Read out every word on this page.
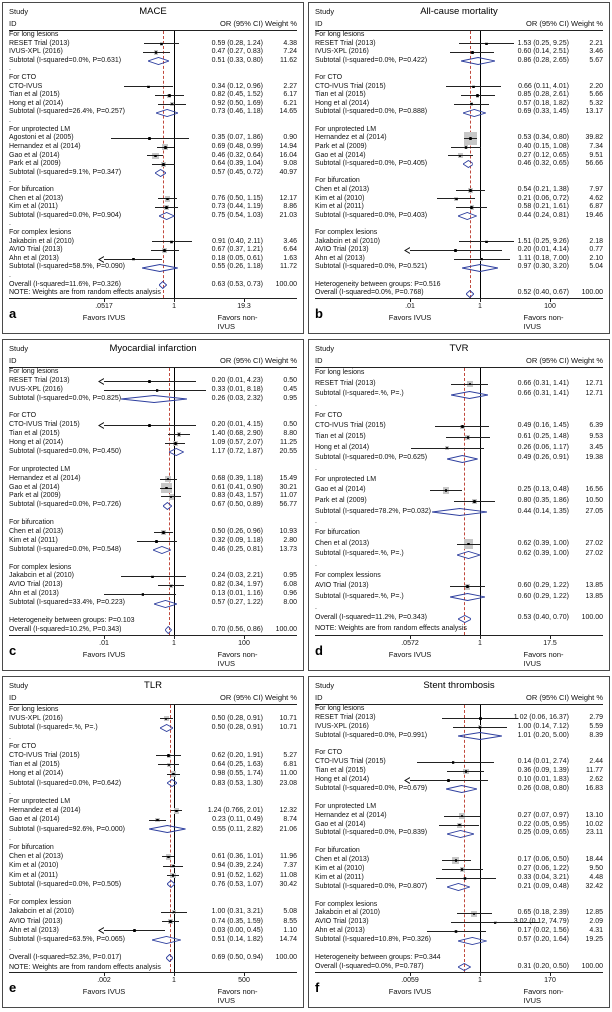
Study	MACE
ID	OR (95% CI) Weight %
For long lesions
RESET Trial (2013)	0.59 (0.28, 1.24)	4.38
IVUS-XPL (2016)	0.47 (0.27, 0.83)	7.24
Subtotal (I-squared=0.0%, P=0.631)	0.51 (0.33, 0.80)	11.62
.
For CTO
CTO-IVUS	0.34 (0.12, 0.96)	2.27
Tian et al (2015)	0.82 (0.45, 1.52)	6.17
Hong et al (2014)	0.92 (0.50, 1.69)	6.21
Subtotal (I-squared=26.4%, P=0.257)	0.73 (0.46, 1.18)	14.65
.
For unprotected LM
Agostoni et al (2005)	0.35 (0.07, 1.86)	0.90
Hernandez et al (2014)	0.69 (0.48, 0.99)	14.94
Gao et al (2014)	0.46 (0.32, 0.64)	16.04
Park et al (2009)	0.64 (0.39, 1.04)	9.08
Subtotal (I-squared=9.1%, P=0.347)	0.57 (0.45, 0.72)	40.97
.
For bifurcation
Chen et al (2013)	0.76 (0.50, 1.15)	12.17
Kim et al (2011)	0.73 (0.44, 1.19)	8.86
Subtotal (I-squared=0.0%, P=0.904)	0.75 (0.54, 1.03)	21.03
.
For complex lesions
Jakabcin et al (2010)	0.91 (0.40, 2.11)	3.46
AVIO Trial (2013)	0.67 (0.37, 1.21)	6.64
Ahn et al (2013)	0.18 (0.05, 0.61)	1.63
Subtotal (I-squared=58.5%, P=0.090)	0.55 (0.26, 1.18)	11.72
.
Overall (I-squared=11.6%, P=0.326)	0.63 (0.53, 0.73)	100.00
NOTE: Weights are from random effects analysis
.0517	1	19.3
Favors IVUS	Favors non-IVUS
a
Study	All-cause mortality
ID	OR (95% CI) Weight %
For long lesions
RESET Trial (2013)	1.53 (0.25, 9.25)	2.21
IVUS-XPL (2016)	0.60 (0.14, 2.51)	3.46
Subtotal (I-squared=0.0%, P=0.422)	0.86 (0.28, 2.65)	5.67
For CTO
CTO-IVUS Trial (2015)	0.66 (0.11, 4.01)	2.20
Tian et al (2015)	0.85 (0.28, 2.61)	5.66
Hong et al (2014)	0.57 (0.18, 1.82)	5.32
Subtotal (I-squared=0.0%, P=0.888)	0.69 (0.33, 1.45)	13.17
For unprotected LM
Hernandez et al (2014)	0.53 (0.34, 0.80)	39.82
Park et al (2009)	0.40 (0.15, 1.08)	7.34
Gao et al (2014)	0.27 (0.12, 0.65)	9.51
Subtotal (I-squared=0.0%, P=0.405)	0.46 (0.32, 0.65)	56.66
For bifurcation
Chen et al (2013)	0.54 (0.21, 1.38)	7.97
Kim et al (2010)	0.21 (0.06, 0.72)	4.62
Kim et al (2011)	0.58 (0.21, 1.61)	6.87
Subtotal (I-squared=0.0%, P=0.403)	0.44 (0.24, 0.81)	19.46
For complex lesions
Jakabcin et al (2010)	1.51 (0.25, 9.26)	2.18
AVIO Trial (2013)	0.20 (0.01, 4.14)	0.77
Ahn et al (2013)	1.11 (0.18, 7.00)	2.10
Subtotal (I-squared=0.0%, P=0.521)	0.97 (0.30, 3.20)	5.04
Heterogeneity between groups: P=0.516
Overall (I-squared=0.0%, P=0.768)	0.52 (0.40, 0.67)	100.00
.01	1	100
Favors IVUS	Favors non-IVUS
b
Study	Myocardial infarction
ID	OR (95% CI) Weight %
For long lesions
RESET Trial (2013)	0.20 (0.01, 4.23)	0.50
IVUS-XPL (2016)	0.33 (0.01, 8.18)	0.45
Subtotal (I-squared=0.0%, P=0.825)	0.26 (0.03, 2.32)	0.95
For CTO
CTO-IVUS Trial (2015)	0.20 (0.01, 4.15)	0.50
Tian et al (2015)	1.40 (0.68, 2.90)	8.80
Hong et al (2014)	1.09 (0.57, 2.07)	11.25
Subtotal (I-squared=0.0%, P=0.450)	1.17 (0.72, 1.87)	20.55
For unprotected LM
Hernandez et al (2014)	0.68 (0.39, 1.18)	15.49
Gao et al (2014)	0.61 (0.41, 0.90)	30.21
Park et al (2009)	0.83 (0.43, 1.57)	11.07
Subtotal (I-squared=0.0%, P=0.726)	0.67 (0.50, 0.89)	56.77
For bifurcation
Chen et al (2013)	0.50 (0.26, 0.96)	10.93
Kim et al (2011)	0.32 (0.09, 1.18)	2.80
Subtotal (I-squared=0.0%, P=0.548)	0.46 (0.25, 0.81)	13.73
For complex lesions
Jakabcin et al (2010)	0.24 (0.03, 2.21)	0.95
AVIO Trial (2013)	0.82 (0.34, 1.97)	6.08
Ahn et al (2013)	0.13 (0.01, 1.16)	0.96
Subtotal (I-squared=33.4%, P=0.223)	0.57 (0.27, 1.22)	8.00
Heterogeneity between groups: P=0.103
Overall (I-squared=10.2%, P=0.343)	0.70 (0.56, 0.86)	100.00
.01	1	100
Favors IVUS	Favors non-IVUS
c
Study	TVR
ID	OR (95% CI) Weight %
For long lesions
RESET Trial (2013)	0.66 (0.31, 1.41)	12.71
Subtotal (I-squared=.%, P=.)	0.66 (0.31, 1.41)	12.71
.
For CTO
CTO-IVUS Trial (2015)	0.49 (0.16, 1.45)	6.39
Tian et al (2015)	0.61 (0.25, 1.48)	9.53
Hong et al (2014)	0.26 (0.06, 1.17)	3.45
Subtotal (I-squared=0.0%, P=0.625)	0.49 (0.26, 0.91)	19.38
.
For unprotected LM
Gao et al (2014)	0.25 (0.13, 0.48)	16.56
Park et al (2009)	0.80 (0.35, 1.86)	10.50
Subtotal (I-squared=78.2%, P=0.032)	0.44 (0.14, 1.35)	27.05
.
For bifurcation
Chen et al (2013)	0.62 (0.39, 1.00)	27.02
Subtotal (I-squared=.%, P=.)	0.62 (0.39, 1.00)	27.02
.
For complex lessions
AVIO Trial (2013)	0.60 (0.29, 1.22)	13.85
Subtotal (I-squared=.%, P=.)	0.60 (0.29, 1.22)	13.85
.
Overall (I-squared=11.2%, P=0.343)	0.53 (0.40, 0.70)	100.00
NOTE: Weights are from random effects analysis
.0572	1	17.5
Favors IVUS	Favors non-IVUS
d
Study	TLR
ID	OR (95% CI) Weight %
For long lesions
IVUS-XPL (2016)	0.50 (0.28, 0.91)	10.71
Subtotal (I-squared=.%, P=.)	0.50 (0.28, 0.91)	10.71
.
For CTO
CTO-IVUS Trial (2015)	0.62 (0.20, 1.91)	5.27
Tian et al (2015)	0.64 (0.25, 1.63)	6.81
Hong et al (2014)	0.98 (0.55, 1.74)	11.00
Subtotal (I-squared=0.0%, P=0.642)	0.83 (0.53, 1.30)	23.08
.
For unprotected LM
Hernandez et al (2014)	1.24 (0.766, 2.01)	12.32
Gao et al (2014)	0.23 (0.11, 0.49)	8.74
Subtotal (I-squared=92.6%, P=0.000)	0.55 (0.11, 2.82)	21.06
.
For bifurcation
Chen et al (2013)	0.61 (0.36, 1.01)	11.96
Kim et al (2010)	0.94 (0.39, 2.24)	7.37
Kim et al (2011)	0.91 (0.52, 1.62)	11.08
Subtotal (I-squared=0.0%, P=0.505)	0.76 (0.53, 1.07)	30.42
.
For complex lession
Jakabcin et al (2010)	1.00 (0.31, 3.21)	5.08
AVIO Trial (2013)	0.74 (0.35, 1.59)	8.55
Ahn et al (2013)	0.03 (0.00, 0.45)	1.10
Subtotal (I-squared=63.5%, P=0.065)	0.51 (0.14, 1.82)	14.74
.
Overall (I-squared=52.3%, P=0.017)	0.69 (0.50, 0.94)	100.00
NOTE: Weights are from random effects analysis
.002	1	500
Favors IVUS	Favors non-IVUS
e
Study	Stent thrombosis
ID	OR (95% CI) Weight %
For long lesions
RESET Trial (2013)	1.02 (0.06, 16.37)	2.79
IVUS-XPL (2016)	1.00 (0.14, 7.12)	5.59
Subtotal (I-squared=0.0%, P=0.991)	1.01 (0.20, 5.00)	8.39
For CTO
CTO-IVUS Trial (2015)	0.14 (0.01, 2.74)	2.44
Tian et al (2015)	0.36 (0.09, 1.39)	11.77
Hong et al (2014)	0.10 (0.01, 1.83)	2.62
Subtotal (I-squared=0.0%, P=0.679)	0.26 (0.08, 0.80)	16.83
For unprotected LM
Hernandez et al (2014)	0.27 (0.07, 0.97)	13.10
Gao et al (2014)	0.22 (0.05, 0.95)	10.02
Subtotal (I-squared=0.0%, P=0.839)	0.25 (0.09, 0.65)	23.11
For bifurcation
Chen et al (2013)	0.17 (0.06, 0.50)	18.44
Kim et al (2010)	0.27 (0.06, 1.22)	9.50
Kim et al (2011)	0.33 (0.04, 3.21)	4.48
Subtotal (I-squared=0.0%, P=0.807)	0.21 (0.09, 0.48)	32.42
For complex lesions
Jakabcin et al (2010)	0.65 (0.18, 2.39)	12.85
AVIO Trial (2013)	3.02 (0.12, 74.79)	2.09
Ahn et al (2013)	0.17 (0.02, 1.56)	4.31
Subtotal (I-squared=10.8%, P=0.326)	0.57 (0.20, 1.64)	19.25
Heterogeneity between groups: P=0.344
Overall (I-squared=0.0%, P=0.787)	0.31 (0.20, 0.50)	100.00
.0059	1	170
Favors IVUS	Favors non-IVUS
f
